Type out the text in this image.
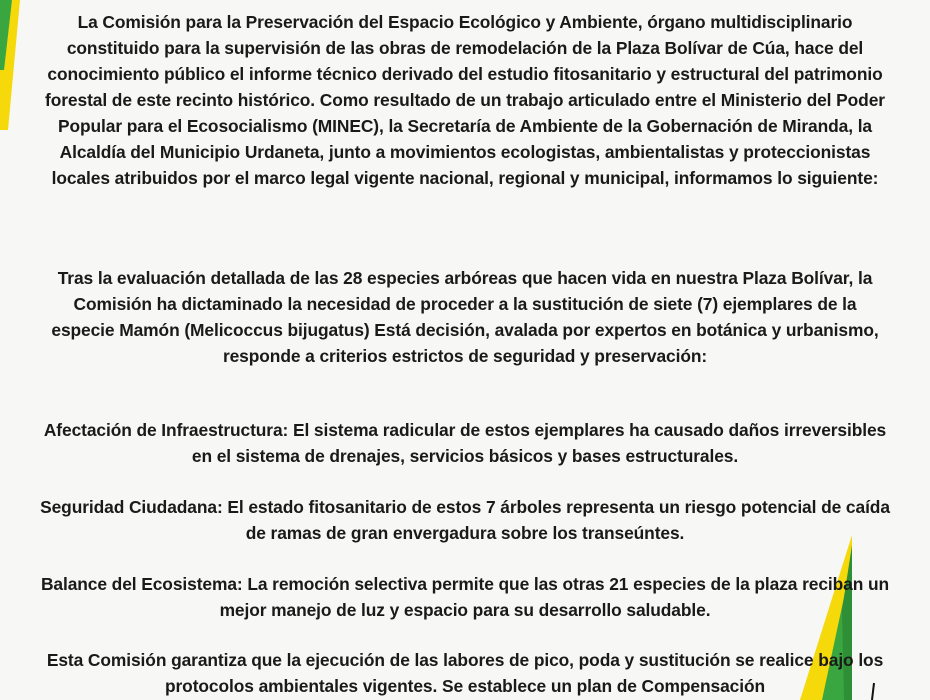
La Comisión para la Preservación del Espacio Ecológico y Ambiente, órgano multidisciplinario constituido para la supervisión de las obras de remodelación de la Plaza Bolívar de Cúa, hace del conocimiento público el informe técnico derivado del estudio fitosanitario y estructural del patrimonio forestal de este recinto histórico. Como resultado de un trabajo articulado entre el Ministerio del Poder Popular para el Ecosocialismo (MINEC), la Secretaría de Ambiente de la Gobernación de Miranda, la Alcaldía del Municipio Urdaneta, junto a movimientos ecologistas, ambientalistas y proteccionistas locales atribuidos por el marco legal vigente nacional, regional y municipal, informamos lo siguiente:

Tras la evaluación detallada de las 28 especies arbóreas que hacen vida en nuestra Plaza Bolívar, la Comisión ha dictaminado la necesidad de proceder a la sustitución de siete (7) ejemplares de la especie Mamón (Melicoccus bijugatus) Está decisión, avalada por expertos en botánica y urbanismo, responde a criterios estrictos de seguridad y preservación:

Afectación de Infraestructura: El sistema radicular de estos ejemplares ha causado daños irreversibles en el sistema de drenajes, servicios básicos y bases estructurales.

Seguridad Ciudadana: El estado fitosanitario de estos 7 árboles representa un riesgo potencial de caída de ramas de gran envergadura sobre los transeúntes.

Balance del Ecosistema: La remoción selectiva permite que las otras 21 especies de la plaza reciban un mejor manejo de luz y espacio para su desarrollo saludable.

Esta Comisión garantiza que la ejecución de las labores de pico, poda y sustitución se realice bajo los protocolos ambientales vigentes. Se establece un plan de Compensación
